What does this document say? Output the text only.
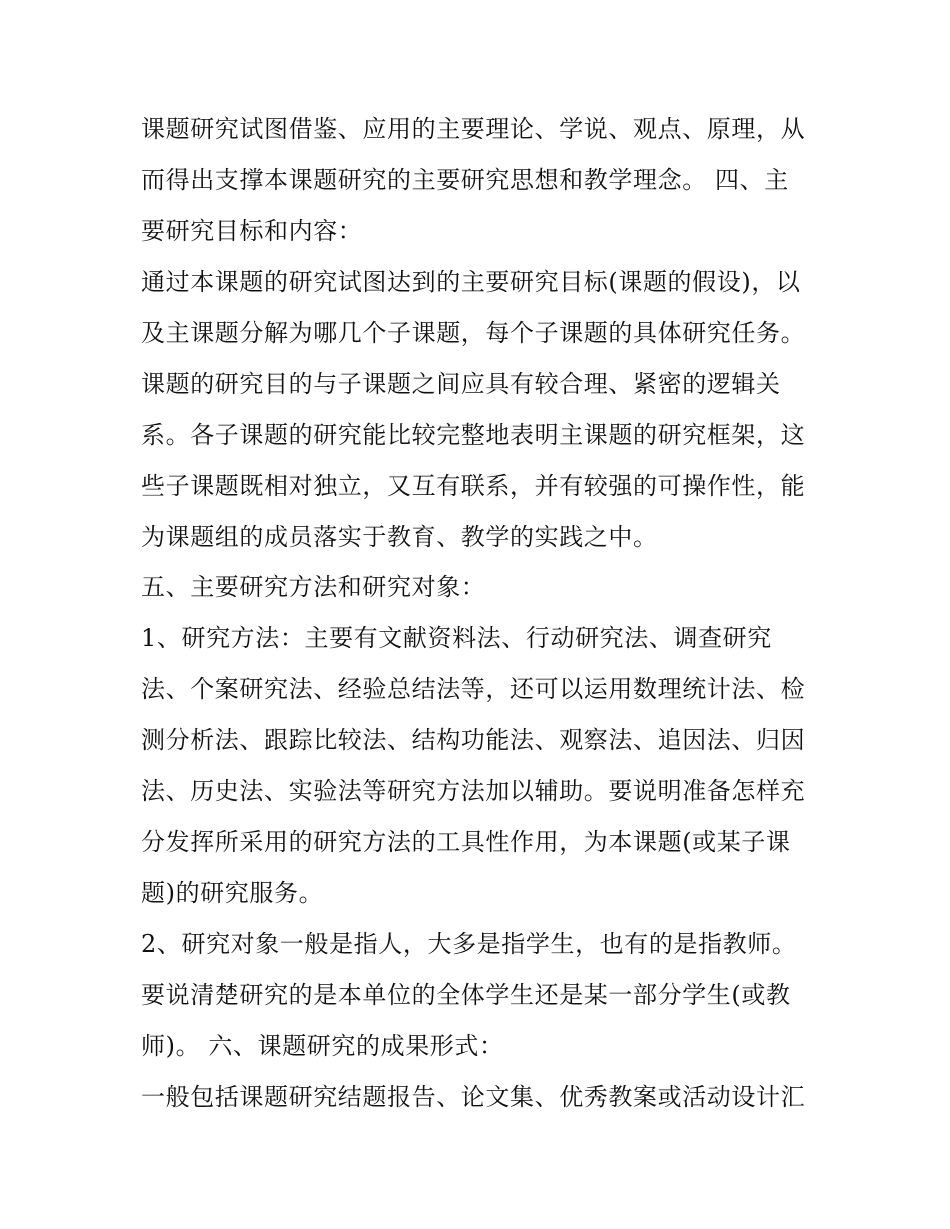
课题研究试图借鉴、应用的主要理论、学说、观点、原理，从
而得出支撑本课题研究的主要研究思想和教学理念。 四、主
要研究目标和内容：
通过本课题的研究试图达到的主要研究目标(课题的假设)，以
及主课题分解为哪几个子课题，每个子课题的具体研究任务。
课题的研究目的与子课题之间应具有较合理、紧密的逻辑关
系。各子课题的研究能比较完整地表明主课题的研究框架，这
些子课题既相对独立，又互有联系，并有较强的可操作性，能
为课题组的成员落实于教育、教学的实践之中。
五、主要研究方法和研究对象：
1、研究方法：主要有文献资料法、行动研究法、调查研究
法、个案研究法、经验总结法等，还可以运用数理统计法、检
测分析法、跟踪比较法、结构功能法、观察法、追因法、归因
法、历史法、实验法等研究方法加以辅助。要说明准备怎样充
分发挥所采用的研究方法的工具性作用，为本课题(或某子课
题)的研究服务。
2、研究对象一般是指人，大多是指学生，也有的是指教师。
要说清楚研究的是本单位的全体学生还是某一部分学生(或教
师)。 六、课题研究的成果形式：
一般包括课题研究结题报告、论文集、优秀教案或活动设计汇
